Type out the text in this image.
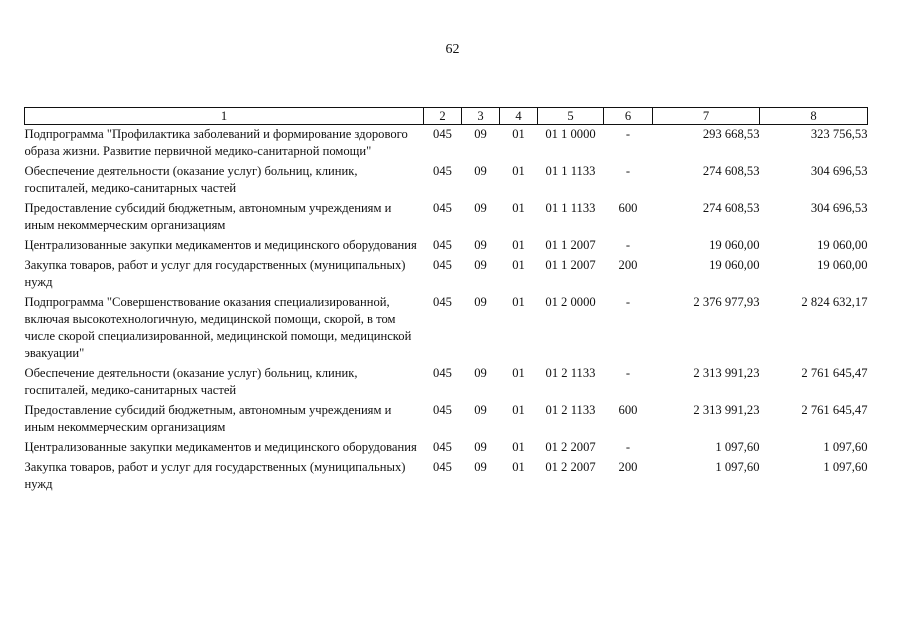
62
1	2	3	4	5	6	7	8
Подпрограмма "Профилактика заболеваний и формирование здорового образа жизни. Развитие первичной медико-санитарной помощи"	045	09	01	01 1 0000	-	293 668,53	323 756,53
Обеспечение деятельности (оказание услуг) больниц, клиник, госпиталей, медико-санитарных частей	045	09	01	01 1 1133	-	274 608,53	304 696,53
Предоставление субсидий бюджетным, автономным учреждениям и иным некоммерческим организациям	045	09	01	01 1 1133	600	274 608,53	304 696,53
Централизованные закупки медикаментов и медицинского оборудования	045	09	01	01 1 2007	-	19 060,00	19 060,00
Закупка товаров, работ и услуг для государственных (муниципальных) нужд	045	09	01	01 1 2007	200	19 060,00	19 060,00
Подпрограмма "Совершенствование оказания специализированной, включая высокотехнологичную, медицинской помощи, скорой, в том числе скорой специализированной, медицинской помощи, медицинской эвакуации"	045	09	01	01 2 0000	-	2 376 977,93	2 824 632,17
Обеспечение деятельности (оказание услуг) больниц, клиник, госпиталей, медико-санитарных частей	045	09	01	01 2 1133	-	2 313 991,23	2 761 645,47
Предоставление субсидий бюджетным, автономным учреждениям и иным некоммерческим организациям	045	09	01	01 2 1133	600	2 313 991,23	2 761 645,47
Централизованные закупки медикаментов и медицинского оборудования	045	09	01	01 2 2007	-	1 097,60	1 097,60
Закупка товаров, работ и услуг для государственных (муниципальных) нужд	045	09	01	01 2 2007	200	1 097,60	1 097,60
